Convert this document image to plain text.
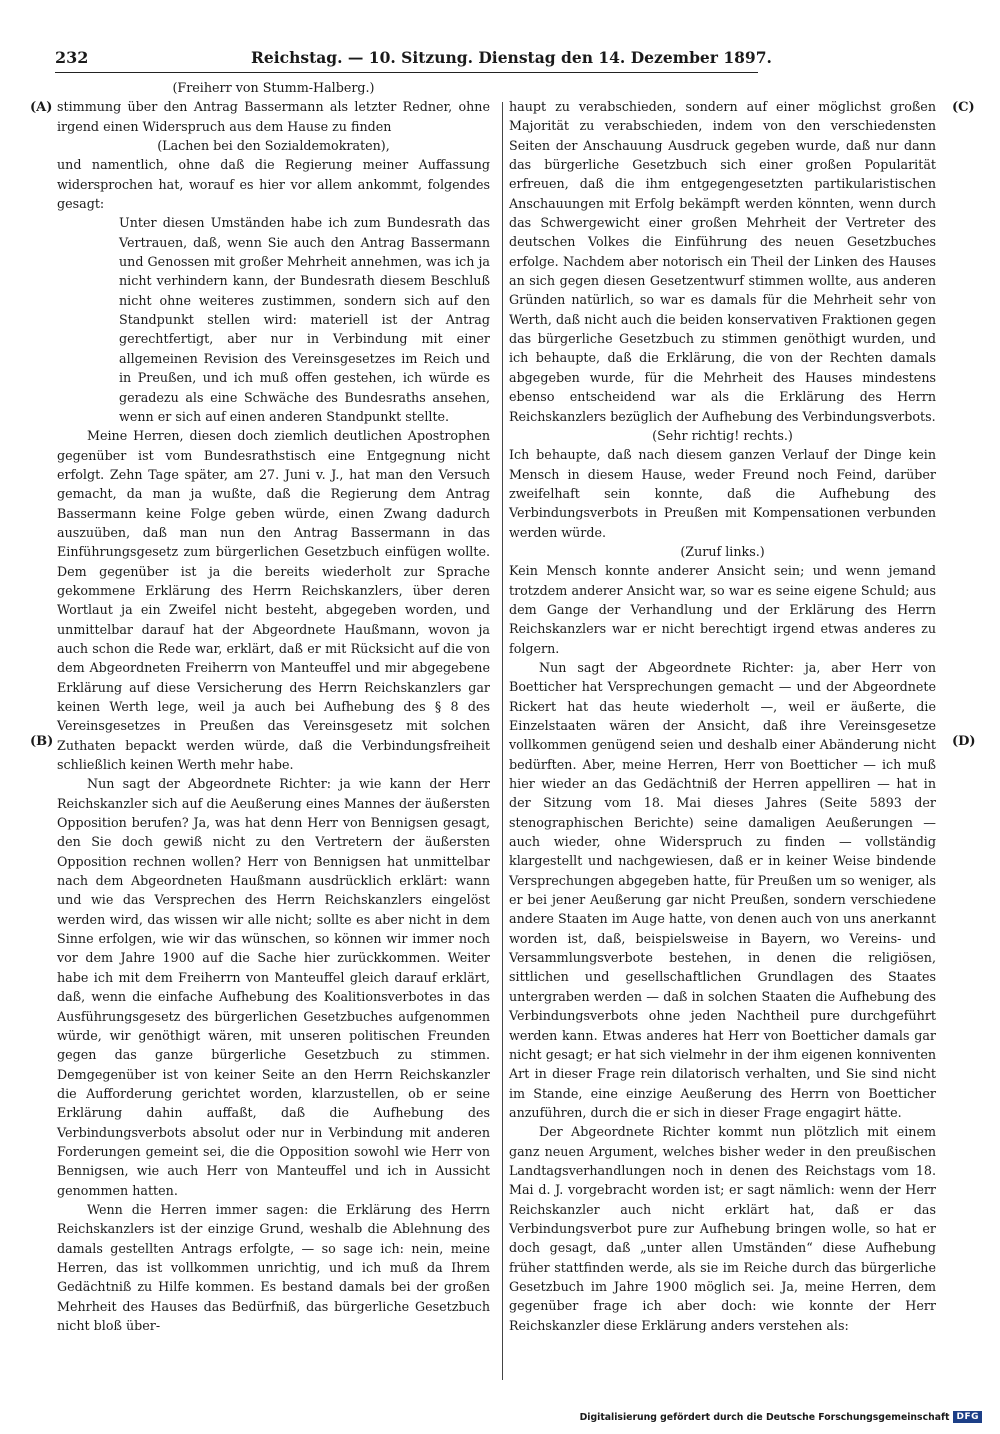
232	Reichstag. — 10. Sitzung. Dienstag den 14. Dezember 1897.
(A)
(B)
(C)
(D)

(Freiherr von Stumm-Halberg.)

stimmung über den Antrag Bassermann als letzter Redner, ohne irgend einen Widerspruch aus dem Hause zu finden

(Lachen bei den Sozialdemokraten),

und namentlich, ohne daß die Regierung meiner Auffassung widersprochen hat, worauf es hier vor allem ankommt, folgendes gesagt:

Unter diesen Umständen habe ich zum Bundesrath das Vertrauen, daß, wenn Sie auch den Antrag Bassermann und Genossen mit großer Mehrheit annehmen, was ich ja nicht verhindern kann, der Bundesrath diesem Beschluß nicht ohne weiteres zustimmen, sondern sich auf den Standpunkt stellen wird: materiell ist der Antrag gerechtfertigt, aber nur in Verbindung mit einer allgemeinen Revision des Vereinsgesetzes im Reich und in Preußen, und ich muß offen gestehen, ich würde es geradezu als eine Schwäche des Bundesraths ansehen, wenn er sich auf einen anderen Standpunkt stellte.

Meine Herren, diesen doch ziemlich deutlichen Apostrophen gegenüber ist vom Bundesrathstisch eine Entgegnung nicht erfolgt. Zehn Tage später, am 27. Juni v. J., hat man den Versuch gemacht, da man ja wußte, daß die Regierung dem Antrag Bassermann keine Folge geben würde, einen Zwang dadurch auszuüben, daß man nun den Antrag Bassermann in das Einführungsgesetz zum bürgerlichen Gesetzbuch einfügen wollte. Dem gegenüber ist ja die bereits wiederholt zur Sprache gekommene Erklärung des Herrn Reichskanzlers, über deren Wortlaut ja ein Zweifel nicht besteht, abgegeben worden, und unmittelbar darauf hat der Abgeordnete Haußmann, wovon ja auch schon die Rede war, erklärt, daß er mit Rücksicht auf die von dem Abgeordneten Freiherrn von Manteuffel und mir abgegebene Erklärung auf diese Versicherung des Herrn Reichskanzlers gar keinen Werth lege, weil ja auch bei Aufhebung des § 8 des Vereinsgesetzes in Preußen das Vereinsgesetz mit solchen Zuthaten bepackt werden würde, daß die Verbindungsfreiheit schließlich keinen Werth mehr habe.

Nun sagt der Abgeordnete Richter: ja wie kann der Herr Reichskanzler sich auf die Aeußerung eines Mannes der äußersten Opposition berufen? Ja, was hat denn Herr von Bennigsen gesagt, den Sie doch gewiß nicht zu den Vertretern der äußersten Opposition rechnen wollen? Herr von Bennigsen hat unmittelbar nach dem Abgeordneten Haußmann ausdrücklich erklärt: wann und wie das Versprechen des Herrn Reichskanzlers eingelöst werden wird, das wissen wir alle nicht; sollte es aber nicht in dem Sinne erfolgen, wie wir das wünschen, so können wir immer noch vor dem Jahre 1900 auf die Sache hier zurückkommen. Weiter habe ich mit dem Freiherrn von Manteuffel gleich darauf erklärt, daß, wenn die einfache Aufhebung des Koalitionsverbotes in das Ausführungsgesetz des bürgerlichen Gesetzbuches aufgenommen würde, wir genöthigt wären, mit unseren politischen Freunden gegen das ganze bürgerliche Gesetzbuch zu stimmen. Demgegenüber ist von keiner Seite an den Herrn Reichskanzler die Aufforderung gerichtet worden, klarzustellen, ob er seine Erklärung dahin auffaßt, daß die Aufhebung des Verbindungsverbots absolut oder nur in Verbindung mit anderen Forderungen gemeint sei, die die Opposition sowohl wie Herr von Bennigsen, wie auch Herr von Manteuffel und ich in Aussicht genommen hatten.

Wenn die Herren immer sagen: die Erklärung des Herrn Reichskanzlers ist der einzige Grund, weshalb die Ablehnung des damals gestellten Antrags erfolgte, — so sage ich: nein, meine Herren, das ist vollkommen unrichtig, und ich muß da Ihrem Gedächtniß zu Hilfe kommen. Es bestand damals bei der großen Mehrheit des Hauses das Bedürfniß, das bürgerliche Gesetzbuch nicht bloß über-

haupt zu verabschieden, sondern auf einer möglichst großen Majorität zu verabschieden, indem von den verschiedensten Seiten der Anschauung Ausdruck gegeben wurde, daß nur dann das bürgerliche Gesetzbuch sich einer großen Popularität erfreuen, daß die ihm entgegengesetzten partikularistischen Anschauungen mit Erfolg bekämpft werden könnten, wenn durch das Schwergewicht einer großen Mehrheit der Vertreter des deutschen Volkes die Einführung des neuen Gesetzbuches erfolge. Nachdem aber notorisch ein Theil der Linken des Hauses an sich gegen diesen Gesetzentwurf stimmen wollte, aus anderen Gründen natürlich, so war es damals für die Mehrheit sehr von Werth, daß nicht auch die beiden konservativen Fraktionen gegen das bürgerliche Gesetzbuch zu stimmen genöthigt wurden, und ich behaupte, daß die Erklärung, die von der Rechten damals abgegeben wurde, für die Mehrheit des Hauses mindestens ebenso entscheidend war als die Erklärung des Herrn Reichskanzlers bezüglich der Aufhebung des Verbindungsverbots.

(Sehr richtig! rechts.)

Ich behaupte, daß nach diesem ganzen Verlauf der Dinge kein Mensch in diesem Hause, weder Freund noch Feind, darüber zweifelhaft sein konnte, daß die Aufhebung des Verbindungsverbots in Preußen mit Kompensationen verbunden werden würde.

(Zuruf links.)

Kein Mensch konnte anderer Ansicht sein; und wenn jemand trotzdem anderer Ansicht war, so war es seine eigene Schuld; aus dem Gange der Verhandlung und der Erklärung des Herrn Reichskanzlers war er nicht berechtigt irgend etwas anderes zu folgern.

Nun sagt der Abgeordnete Richter: ja, aber Herr von Boetticher hat Versprechungen gemacht — und der Abgeordnete Rickert hat das heute wiederholt —, weil er äußerte, die Einzelstaaten wären der Ansicht, daß ihre Vereinsgesetze vollkommen genügend seien und deshalb einer Abänderung nicht bedürften. Aber, meine Herren, Herr von Boetticher — ich muß hier wieder an das Gedächtniß der Herren appelliren — hat in der Sitzung vom 18. Mai dieses Jahres (Seite 5893 der stenographischen Berichte) seine damaligen Aeußerungen — auch wieder, ohne Widerspruch zu finden — vollständig klargestellt und nachgewiesen, daß er in keiner Weise bindende Versprechungen abgegeben hatte, für Preußen um so weniger, als er bei jener Aeußerung gar nicht Preußen, sondern verschiedene andere Staaten im Auge hatte, von denen auch von uns anerkannt worden ist, daß, beispielsweise in Bayern, wo Vereins- und Versammlungsverbote bestehen, in denen die religiösen, sittlichen und gesellschaftlichen Grundlagen des Staates untergraben werden — daß in solchen Staaten die Aufhebung des Verbindungsverbots ohne jeden Nachtheil pure durchgeführt werden kann. Etwas anderes hat Herr von Boetticher damals gar nicht gesagt; er hat sich vielmehr in der ihm eigenen konniventen Art in dieser Frage rein dilatorisch verhalten, und Sie sind nicht im Stande, eine einzige Aeußerung des Herrn von Boetticher anzuführen, durch die er sich in dieser Frage engagirt hätte.

Der Abgeordnete Richter kommt nun plötzlich mit einem ganz neuen Argument, welches bisher weder in den preußischen Landtagsverhandlungen noch in denen des Reichstags vom 18. Mai d. J. vorgebracht worden ist; er sagt nämlich: wenn der Herr Reichskanzler auch nicht erklärt hat, daß er das Verbindungsverbot pure zur Aufhebung bringen wolle, so hat er doch gesagt, daß „unter allen Umständen“ diese Aufhebung früher stattfinden werde, als sie im Reiche durch das bürgerliche Gesetzbuch im Jahre 1900 möglich sei. Ja, meine Herren, dem gegenüber frage ich aber doch: wie konnte der Herr Reichskanzler diese Erklärung anders verstehen als:

Digitalisierung gefördert durch die Deutsche Forschungsgemeinschaft DFG
